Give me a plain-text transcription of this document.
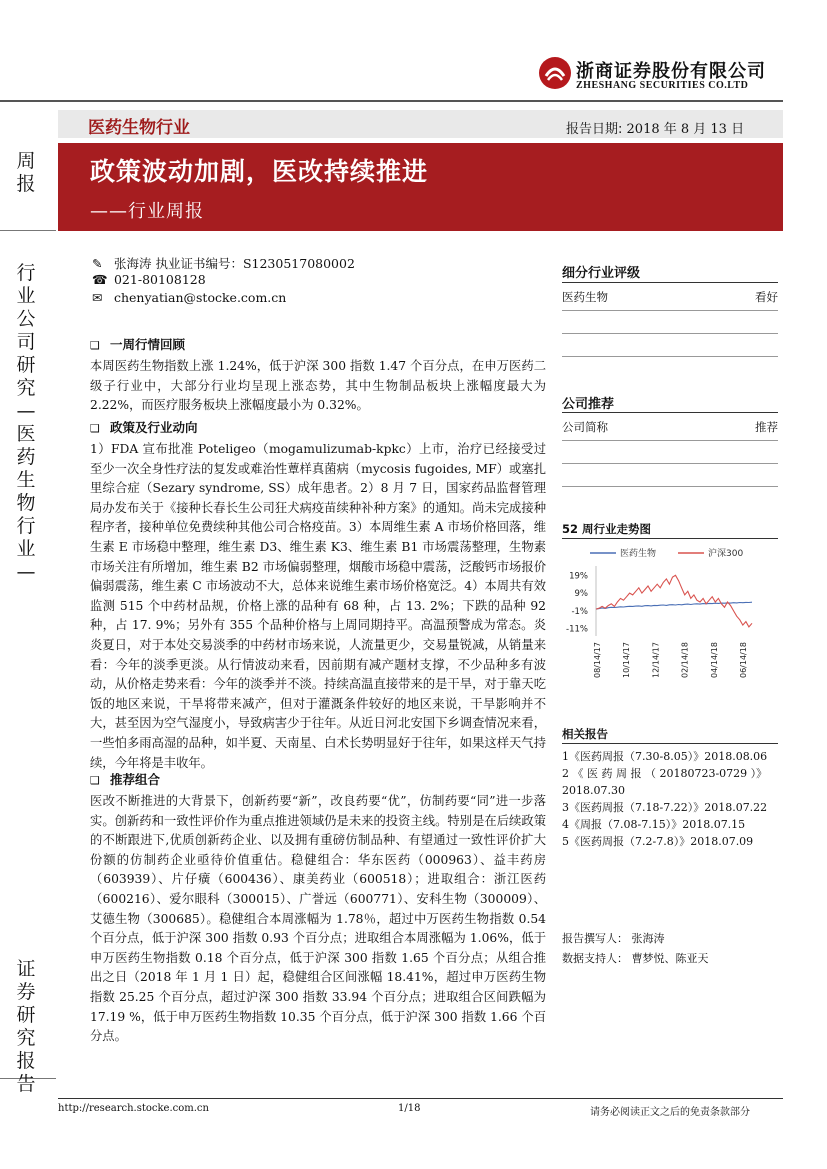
浙商证券股份有限公司
ZHESHANG SECURITIES CO.LTD
医药生物行业	报告日期: 2018 年 8 月 13 日
政策波动加剧，医改持续推进
——行业周报
周报
行业公司研究—医药生物行业—
证券研究报告
✎ 张海涛 执业证书编号：S1230517080002
☎ 021-80108128
✉ chenyatian@stocke.com.cn
❑ 一周行情回顾

本周医药生物指数上涨 1.24%，低于沪深 300 指数 1.47 个百分点，在申万医药二级子行业中，大部分行业均呈现上涨态势，其中生物制品板块上涨幅度最大为 2.22%，而医疗服务板块上涨幅度最小为 0.32%。

❑ 政策及行业动向

1）FDA 宣布批准 Poteligeo（mogamulizumab-kpkc）上市，治疗已经接受过至少一次全身性疗法的复发或难治性蕈样真菌病（mycosis fugoides, MF）或塞扎里综合症（Sezary syndrome, SS）成年患者。2）8 月 7 日，国家药品监督管理局办发布关于《接种长春长生公司狂犬病疫苗续种补种方案》的通知。尚未完成接种程序者，接种单位免费续种其他公司合格疫苗。3）本周维生素 A 市场价格回落，维生素 E 市场稳中整理，维生素 D3、维生素 K3、维生素 B1 市场震荡整理，生物素市场关注有所增加，维生素 B2 市场偏弱整理，烟酸市场稳中震荡，泛酸钙市场报价偏弱震荡，维生素 C 市场波动不大，总体来说维生素市场价格宽泛。4）本周共有效监测 515 个中药材品规，价格上涨的品种有 68 种，占 13. 2%；下跌的品种 92 种，占 17. 9%；另外有 355 个品种价格与上周同期持平。高温预警成为常态。炎炎夏日，对于本处交易淡季的中药材市场来说，人流量更少，交易量锐减，从销量来看：今年的淡季更淡。从行情波动来看，因前期有减产题材支撑，不少品种多有波动，从价格走势来看：今年的淡季并不淡。持续高温直接带来的是干旱，对于靠天吃饭的地区来说，干旱将带来减产，但对于灌溉条件较好的地区来说，干旱影响并不大，甚至因为空气湿度小，导致病害少于往年。从近日河北安国下乡调查情况来看，一些怕多雨高湿的品种，如半夏、天南星、白术长势明显好于往年，如果这样天气持续，今年将是丰收年。

❑ 推荐组合

医改不断推进的大背景下，创新药要“新”，改良药要“优”，仿制药要“同”进一步落实。创新药和一致性评价作为重点推进领域仍是未来的投资主线。特别是在后续政策的不断跟进下,优质创新药企业、以及拥有重磅仿制品种、有望通过一致性评价扩大份额的仿制药企业亟待价值重估。稳健组合：华东医药（000963）、益丰药房（603939）、片仔癀（600436）、康美药业（600518）；进取组合：浙江医药（600216）、爱尔眼科（300015）、广誉远（600771）、安科生物（300009）、艾德生物（300685）。稳健组合本周涨幅为 1.78％，超过中万医药生物指数 0.54 个百分点，低于沪深 300 指数 0.93 个百分点；进取组合本周涨幅为 1.06%，低于申万医药生物指数 0.18 个百分点，低于沪深 300 指数 1.65 个百分点；从组合推出之日（2018 年 1 月 1 日）起，稳健组合区间涨幅 18.41%，超过申万医药生物指数 25.25 个百分点，超过沪深 300 指数 33.94 个百分点；进取组合区间跌幅为 17.19 %，低于申万医药生物指数 10.35 个百分点，低于沪深 300 指数 1.66 个百分点。

细分行业评级
医药生物	看好
公司推荐
公司简称	推荐
52 周行业走势图
医药生物	沪深300
19%
9%
-1%
-11%
08/14/17	10/14/17	12/14/17	02/14/18	04/14/18	06/14/18
相关报告
1《医药周报（7.30-8.05）》2018.08.06
2 《 医 药 周 报 （ 20180723-0729 ）》2018.07.30
3《医药周报（7.18-7.22）》2018.07.22
4《周报（7.08-7.15）》2018.07.15
5《医药周报（7.2-7.8）》2018.07.09
报告撰写人： 张海涛
数据支持人： 曹梦悦、陈亚天
http://research.stocke.com.cn	1/18	请务必阅读正文之后的免责条款部分
